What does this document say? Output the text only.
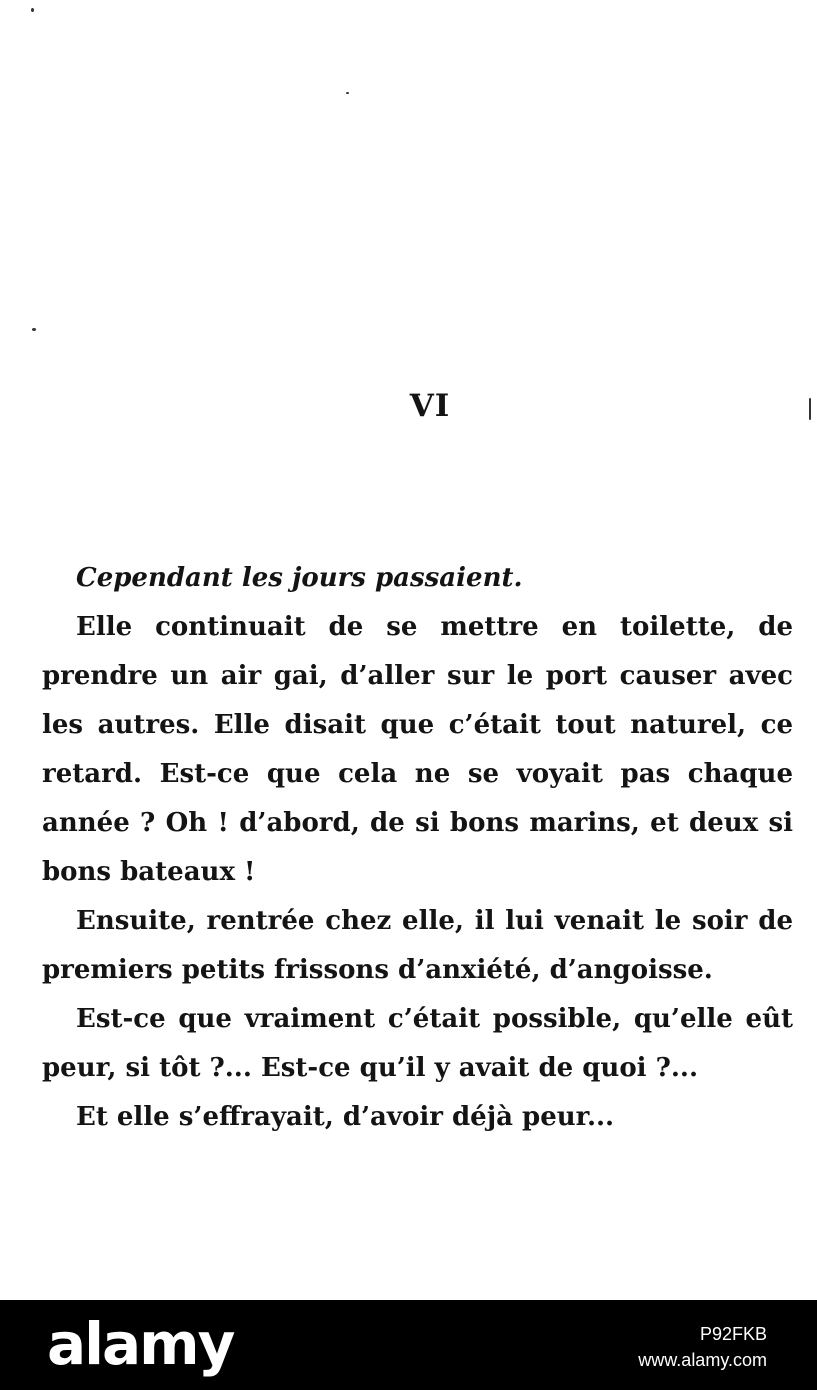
VI

Cependant les jours passaient.

Elle continuait de se mettre en toilette, de prendre un air gai, d’aller sur le port causer avec les autres. Elle disait que c’était tout naturel, ce retard. Est-ce que cela ne se voyait pas chaque année ? Oh ! d’abord, de si bons marins, et deux si bons bateaux !

Ensuite, rentrée chez elle, il lui venait le soir de premiers petits frissons d’anxiété, d’angoisse.

Est-ce que vraiment c’était possible, qu’elle eût peur, si tôt ?... Est-ce qu’il y avait de quoi ?...

Et elle s’effrayait, d’avoir déjà peur...

alamy	P92FKB
www.alamy.com
